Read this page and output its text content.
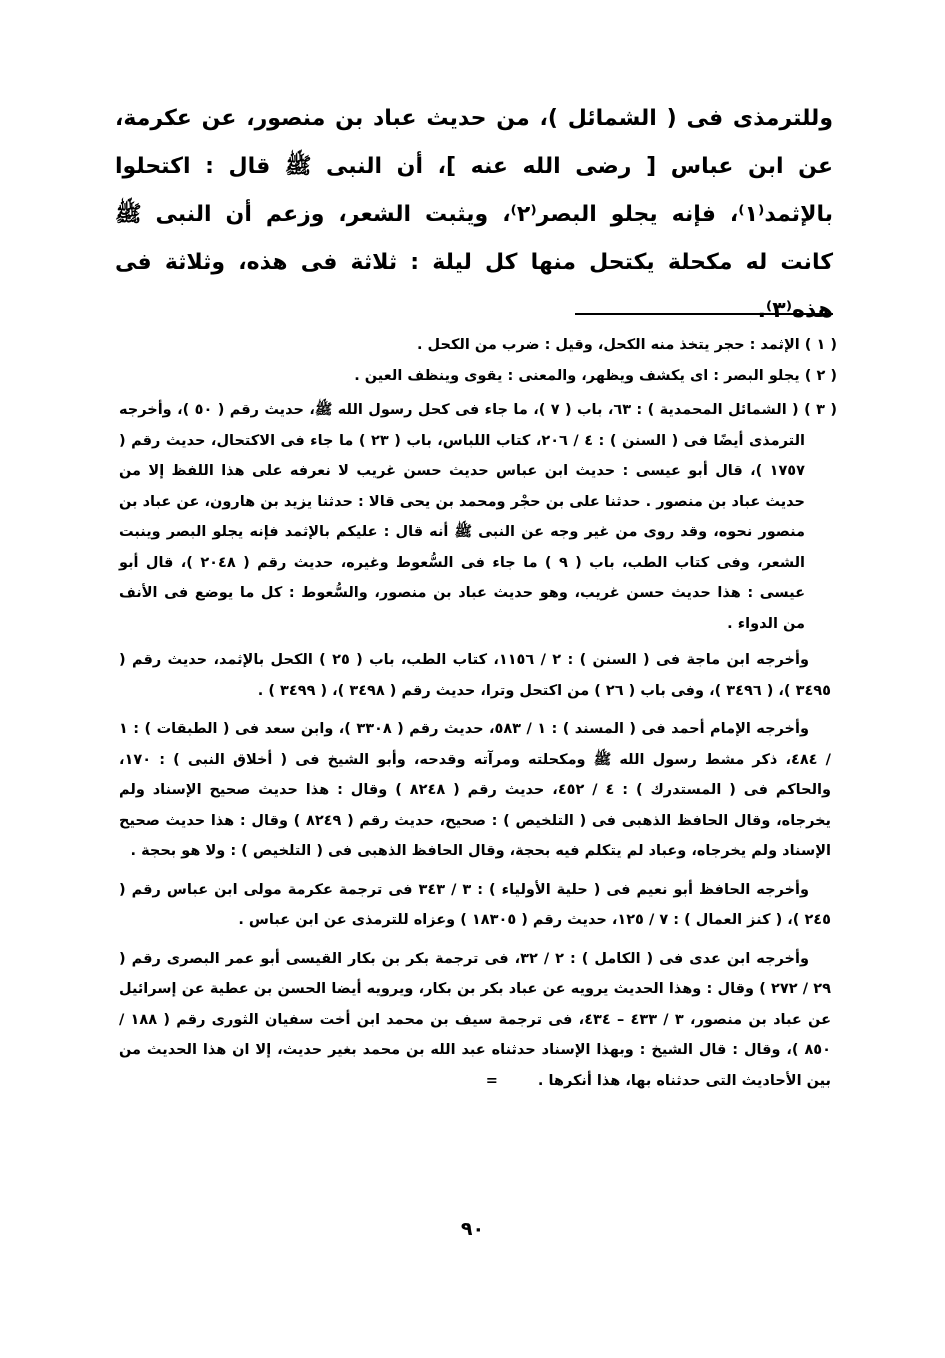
وللترمذى فى ( الشمائل )، من حديث عباد بن منصور، عن عكرمة، عن ابن عباس [ رضى الله عنه ]، أن النبى ﷺ قال : اكتحلوا بالإثمد⁽١⁾، فإنه يجلو البصر⁽٢⁾، ويثبت الشعر، وزعم أن النبى ﷺ كانت له مكحلة يكتحل منها كل ليلة : ثلاثة فى هذه، وثلاثة فى هذه⁽٣⁾.

( ١ ) الإثمد : حجر يتخذ منه الكحل، وقيل : ضرب من الكحل .

( ٢ ) يجلو البصر : اى يكشف ويظهر، والمعنى : يقوى وينظف العين .

( ٣ ) ( الشمائل المحمدية ) : ٦٣، باب ( ٧ )، ما جاء فى كحل رسول الله ﷺ، حديث رقم ( ٥٠ )، وأخرجه الترمذى أيضًا فى ( السنن ) : ٤ / ٢٠٦، كتاب اللباس، باب ( ٢٣ ) ما جاء فى الاكتحال، حديث رقم ( ١٧٥٧ )، قال أبو عيسى : حديث ابن عباس حديث حسن غريب لا نعرفه على هذا اللفظ إلا من حديث عباد بن منصور . حدثنا على بن حجْر ومحمد بن يحى قالا : حدثنا يزيد بن هارون، عن عباد بن منصور نحوه، وقد روى من غير وجه عن النبى ﷺ أنه قال : عليكم بالإثمد فإنه يجلو البصر وينبت الشعر، وفى كتاب الطب، باب ( ٩ ) ما جاء فى السُّعوط وغيره، حديث رقم ( ٢٠٤٨ )، قال أبو عيسى : هذا حديث حسن غريب، وهو حديث عباد بن منصور، والسُّعوط : كل ما يوضع فى الأنف من الدواء .

وأخرجه ابن ماجة فى ( السنن ) : ٢ / ١١٥٦، كتاب الطب، باب ( ٢٥ ) الكحل بالإثمد، حديث رقم ( ٣٤٩٥ )، ( ٣٤٩٦ )، وفى باب ( ٢٦ ) من اكتحل وترا، حديث رقم ( ٣٤٩٨ )، ( ٣٤٩٩ ) .

وأخرجه الإمام أحمد فى ( المسند ) : ١ / ٥٨٣، حديث رقم ( ٣٣٠٨ )، وابن سعد فى ( الطبقات ) : ١ / ٤٨٤، ذكر مشط رسول الله ﷺ ومكحلته ومرآته وقدحه، وأبو الشيخ فى ( أخلاق النبى ) : ١٧٠، والحاكم فى ( المستدرك ) : ٤ / ٤٥٢، حديث رقم ( ٨٢٤٨ ) وقال : هذا حديث صحيح الإسناد ولم يخرجاه، وقال الحافظ الذهبى فى ( التلخيص ) : صحيح، حديث رقم ( ٨٢٤٩ ) وقال : هذا حديث صحيح الإسناد ولم يخرجاه، وعباد لم يتكلم فيه بحجة، وقال الحافظ الذهبى فى ( التلخيص ) : ولا هو بحجة .

وأخرجه الحافظ أبو نعيم فى ( حلية الأولياء ) : ٣ / ٣٤٣ فى ترجمة عكرمة مولى ابن عباس رقم ( ٢٤٥ )، ( كنز العمال ) : ٧ / ١٢٥، حديث رقم ( ١٨٣٠٥ ) وعزاه للترمذى عن ابن عباس .

وأخرجه ابن عدى فى ( الكامل ) : ٢ / ٣٢، فى ترجمة بكر بن بكار القيسى أبو عمر البصرى رقم ( ٢٩ / ٢٧٢ ) وقال : وهذا الحديث يرويه عن عباد بكر بن بكار، ويرويه أيضا الحسن بن عطية عن إسرائيل عن عباد بن منصور، ٣ / ٤٣٣ – ٤٣٤، فى ترجمة سيف بن محمد ابن أخت سفيان الثورى رقم ( ١٨٨ / ٨٥٠ )، وقال : قال الشيخ : وبهذا الإسناد حدثناه عبد الله بن محمد بغير حديث، إلا ان هذا الحديث من بين الأحاديث التى حدثناه بها، هذا أنكرها .=

٩٠
